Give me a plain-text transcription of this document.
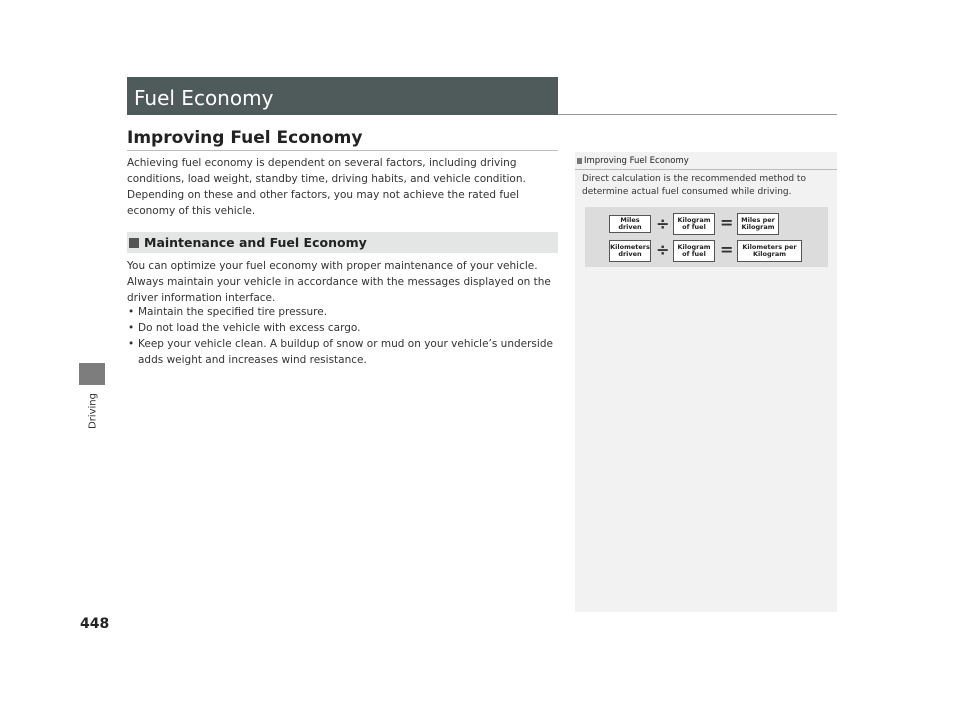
Driving
448
Fuel Economy
Improving Fuel Economy
Achieving fuel economy is dependent on several factors, including driving conditions, load weight, standby time, driving habits, and vehicle condition. Depending on these and other factors, you may not achieve the rated fuel economy of this vehicle.
Maintenance and Fuel Economy
You can optimize your fuel economy with proper maintenance of your vehicle. Always maintain your vehicle in accordance with the messages displayed on the driver information interface.
• Maintain the specified tire pressure.
• Do not load the vehicle with excess cargo.
• Keep your vehicle clean. A buildup of snow or mud on your vehicle’s underside adds weight and increases wind resistance.
Improving Fuel Economy
Direct calculation is the recommended method to determine actual fuel consumed while driving.
Miles driven ÷	Kilogram of fuel =	Miles per Kilogram
Kilometers driven ÷	Kilogram of fuel =	Kilometers per Kilogram
